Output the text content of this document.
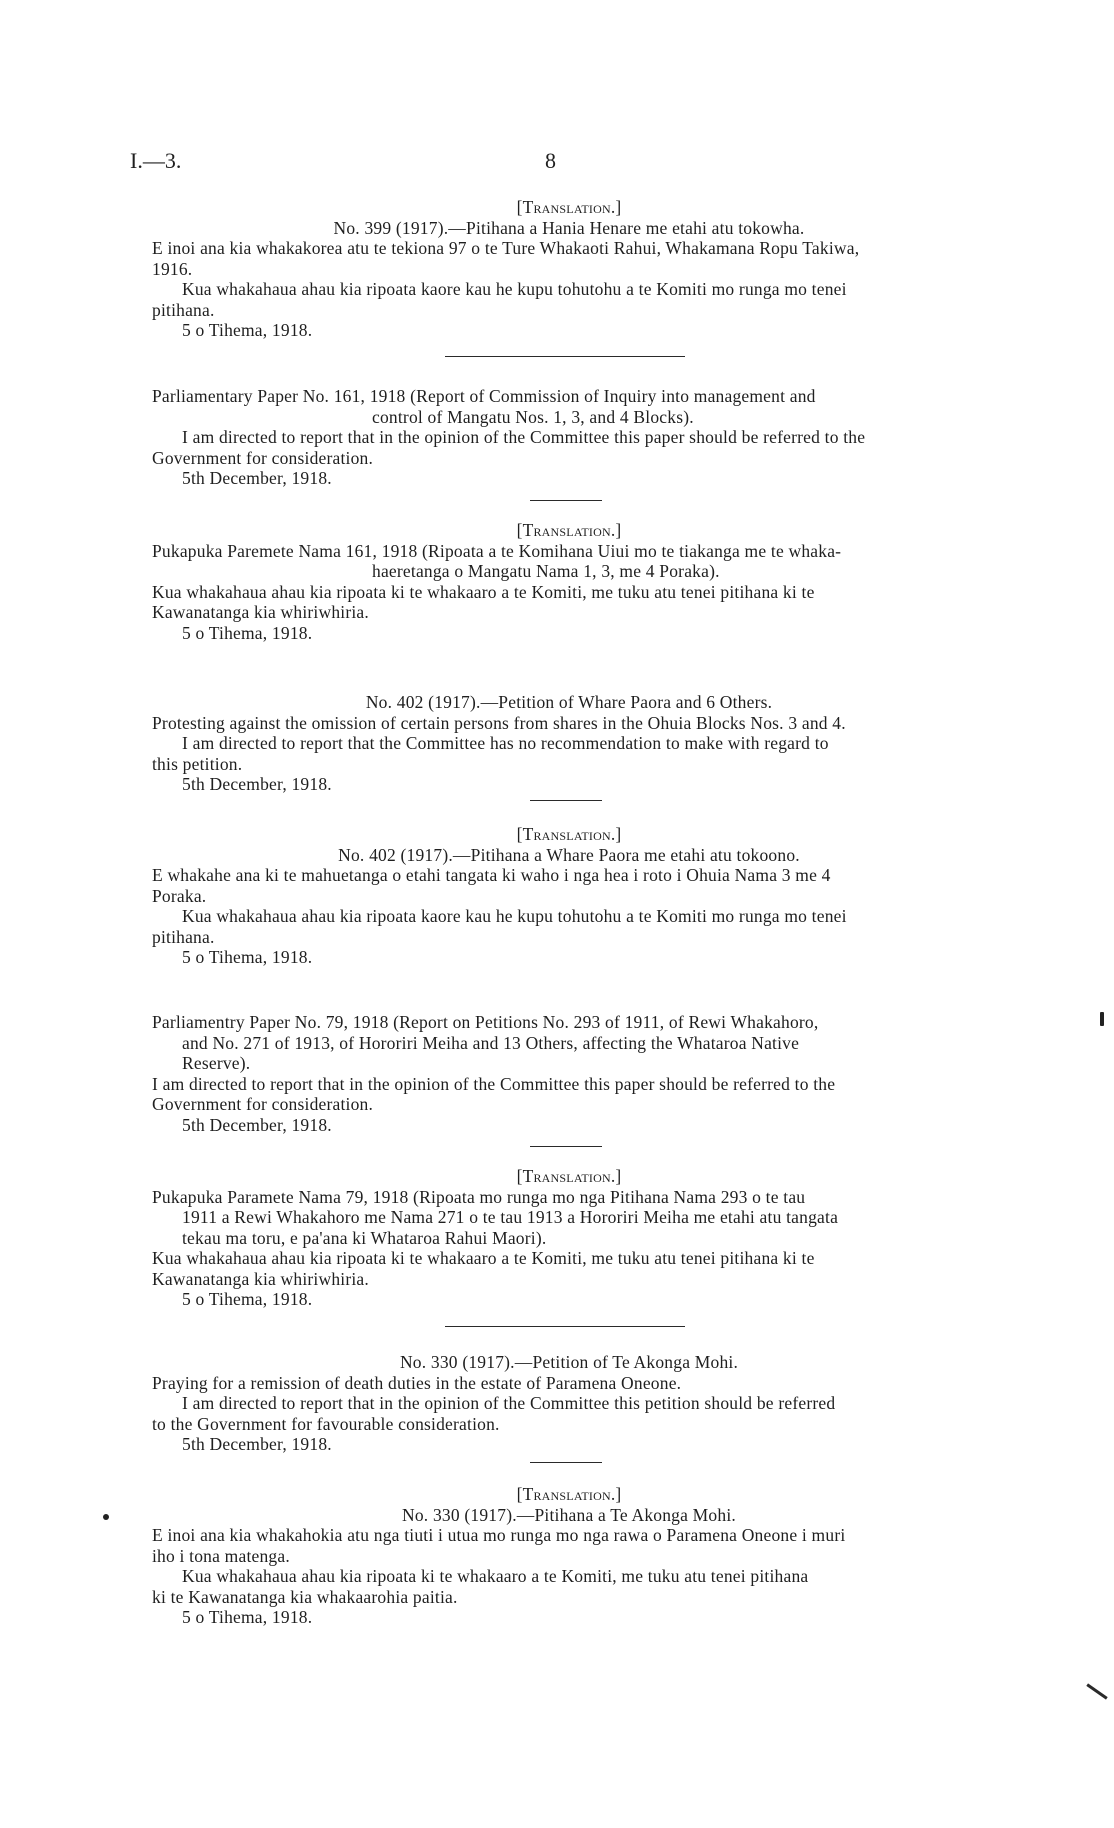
I.—3.	8
[Translation.]
No. 399 (1917).—Pitihana a Hania Henare me etahi atu tokowha.
E inoi ana kia whakakorea atu te tekiona 97 o te Ture Whakaoti Rahui, Whakamana Ropu Takiwa,
1916.
Kua whakahaua ahau kia ripoata kaore kau he kupu tohutohu a te Komiti mo runga mo tenei
pitihana.
5 o Tihema, 1918.
Parliamentary Paper No. 161, 1918 (Report of Commission of Inquiry into management and
control of Mangatu Nos. 1, 3, and 4 Blocks).
I am directed to report that in the opinion of the Committee this paper should be referred to the
Government for consideration.
5th December, 1918.
[Translation.]
Pukapuka Paremete Nama 161, 1918 (Ripoata a te Komihana Uiui mo te tiakanga me te whaka-
haeretanga o Mangatu Nama 1, 3, me 4 Poraka).
Kua whakahaua ahau kia ripoata ki te whakaaro a te Komiti, me tuku atu tenei pitihana ki te
Kawanatanga kia whiriwhiria.
5 o Tihema, 1918.
No. 402 (1917).—Petition of Whare Paora and 6 Others.
Protesting against the omission of certain persons from shares in the Ohuia Blocks Nos. 3 and 4.
I am directed to report that the Committee has no recommendation to make with regard to
this petition.
5th December, 1918.
[Translation.]
No. 402 (1917).—Pitihana a Whare Paora me etahi atu tokoono.
E whakahe ana ki te mahuetanga o etahi tangata ki waho i nga hea i roto i Ohuia Nama 3 me 4
Poraka.
Kua whakahaua ahau kia ripoata kaore kau he kupu tohutohu a te Komiti mo runga mo tenei
pitihana.
5 o Tihema, 1918.
Parliamentry Paper No. 79, 1918 (Report on Petitions No. 293 of 1911, of Rewi Whakahoro,
and No. 271 of 1913, of Hororiri Meiha and 13 Others, affecting the Whataroa Native
Reserve).
I am directed to report that in the opinion of the Committee this paper should be referred to the
Government for consideration.
5th December, 1918.
[Translation.]
Pukapuka Paramete Nama 79, 1918 (Ripoata mo runga mo nga Pitihana Nama 293 o te tau
1911 a Rewi Whakahoro me Nama 271 o te tau 1913 a Hororiri Meiha me etahi atu tangata
tekau ma toru, e pa'ana ki Whataroa Rahui Maori).
Kua whakahaua ahau kia ripoata ki te whakaaro a te Komiti, me tuku atu tenei pitihana ki te
Kawanatanga kia whiriwhiria.
5 o Tihema, 1918.
No. 330 (1917).—Petition of Te Akonga Mohi.
Praying for a remission of death duties in the estate of Paramena Oneone.
I am directed to report that in the opinion of the Committee this petition should be referred
to the Government for favourable consideration.
5th December, 1918.
[Translation.]
No. 330 (1917).—Pitihana a Te Akonga Mohi.
E inoi ana kia whakahokia atu nga tiuti i utua mo runga mo nga rawa o Paramena Oneone i muri
iho i tona matenga.
Kua whakahaua ahau kia ripoata ki te whakaaro a te Komiti, me tuku atu tenei pitihana
ki te Kawanatanga kia whakaarohia paitia.
5 o Tihema, 1918.
